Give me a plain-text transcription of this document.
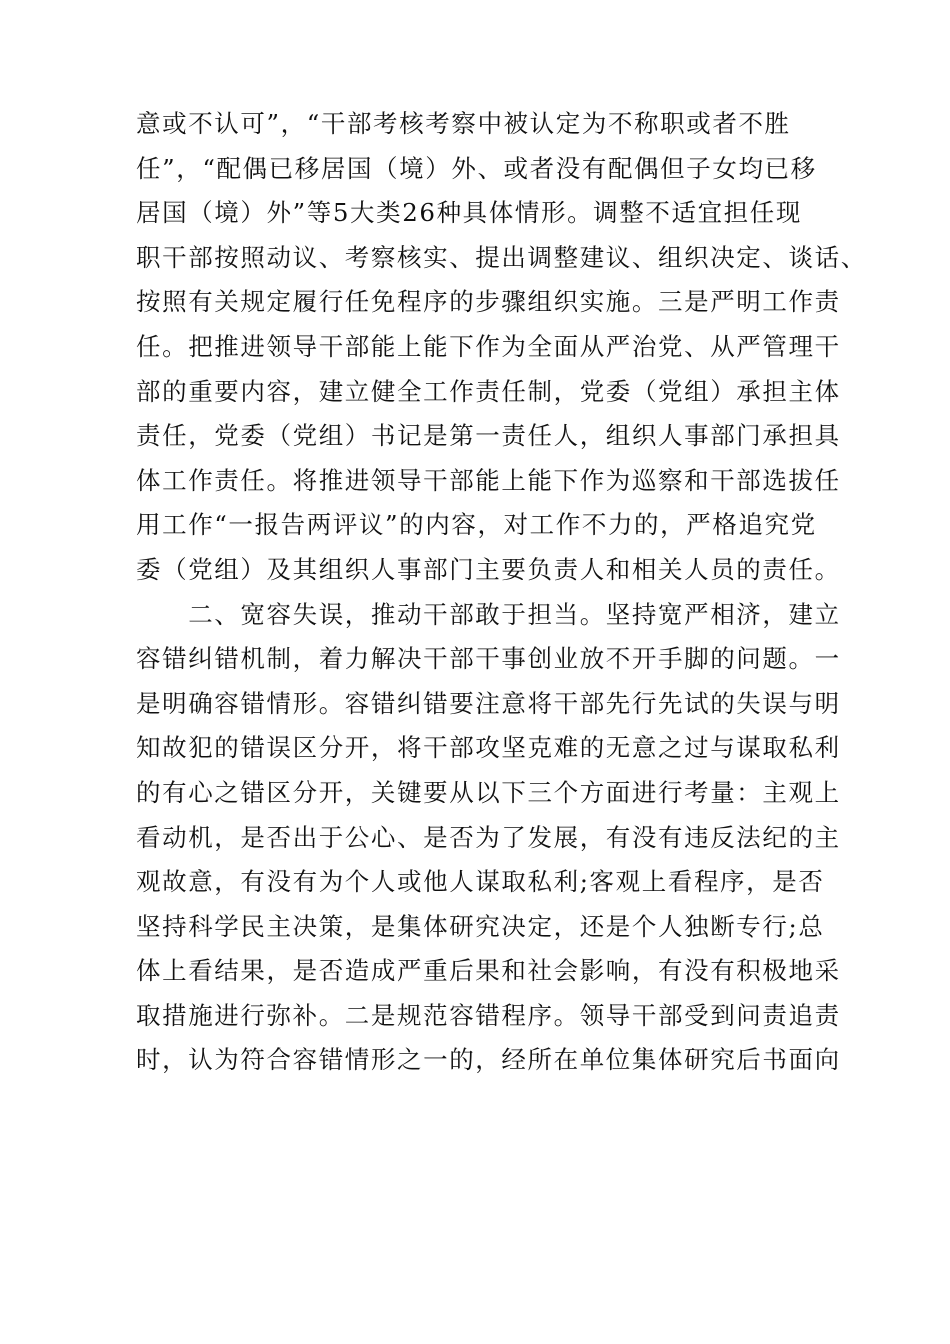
意或不认可”，“干部考核考察中被认定为不称职或者不胜
任”，“配偶已移居国（境）外、或者没有配偶但子女均已移
居国（境）外”等5大类26种具体情形。调整不适宜担任现
职干部按照动议、考察核实、提出调整建议、组织决定、谈话、
按照有关规定履行任免程序的步骤组织实施。三是严明工作责
任。把推进领导干部能上能下作为全面从严治党、从严管理干
部的重要内容，建立健全工作责任制，党委（党组）承担主体
责任，党委（党组）书记是第一责任人，组织人事部门承担具
体工作责任。将推进领导干部能上能下作为巡察和干部选拔任
用工作“一报告两评议”的内容，对工作不力的，严格追究党
委（党组）及其组织人事部门主要负责人和相关人员的责任。
　　二、宽容失误，推动干部敢于担当。坚持宽严相济，建立
容错纠错机制，着力解决干部干事创业放不开手脚的问题。一
是明确容错情形。容错纠错要注意将干部先行先试的失误与明
知故犯的错误区分开，将干部攻坚克难的无意之过与谋取私利
的有心之错区分开，关键要从以下三个方面进行考量：主观上
看动机，是否出于公心、是否为了发展，有没有违反法纪的主
观故意，有没有为个人或他人谋取私利;客观上看程序，是否
坚持科学民主决策，是集体研究决定，还是个人独断专行;总
体上看结果，是否造成严重后果和社会影响，有没有积极地采
取措施进行弥补。二是规范容错程序。领导干部受到问责追责
时，认为符合容错情形之一的，经所在单位集体研究后书面向
